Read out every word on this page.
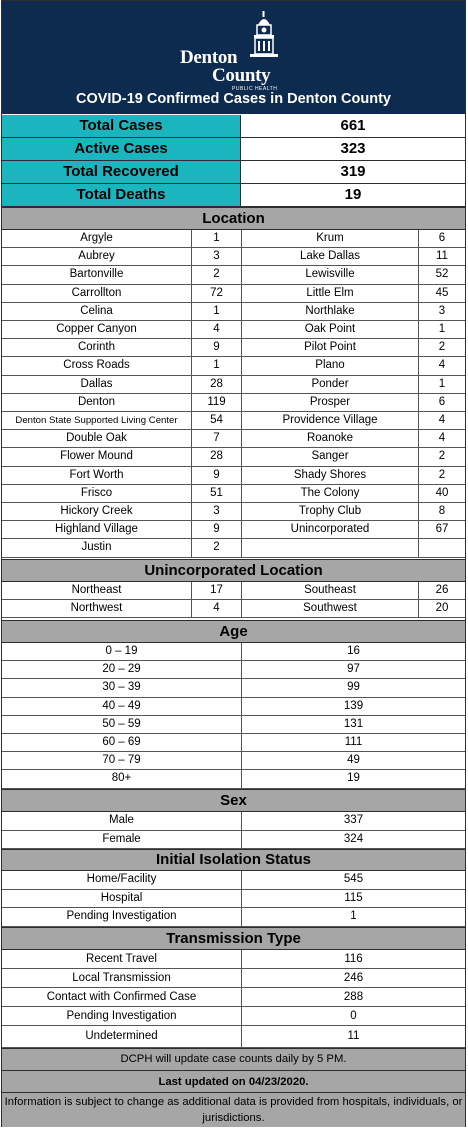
Denton
County
PUBLIC HEALTH
COVID-19 Confirmed Cases in Denton County
Total Cases	661
Active Cases	323
Total Recovered	319
Total Deaths	19
Location
Argyle	1	Krum	6
Aubrey	3	Lake Dallas	11
Bartonville	2	Lewisville	52
Carrollton	72	Little Elm	45
Celina	1	Northlake	3
Copper Canyon	4	Oak Point	1
Corinth	9	Pilot Point	2
Cross Roads	1	Plano	4
Dallas	28	Ponder	1
Denton	119	Prosper	6
Denton State Supported Living Center	54	Providence Village	4
Double Oak	7	Roanoke	4
Flower Mound	28	Sanger	2
Fort Worth	9	Shady Shores	2
Frisco	51	The Colony	40
Hickory Creek	3	Trophy Club	8
Highland Village	9	Unincorporated	67
Justin	2
Unincorporated Location
Northeast	17	Southeast	26
Northwest	4	Southwest	20
Age
0 – 19	16
20 – 29	97
30 – 39	99
40 – 49	139
50 – 59	131
60 – 69	111
70 – 79	49
80+	19
Sex
Male	337
Female	324
Initial Isolation Status
Home/Facility	545
Hospital	115
Pending Investigation	1
Transmission Type
Recent Travel	116
Local Transmission	246
Contact with Confirmed Case	288
Pending Investigation	0
Undetermined	11
DCPH will update case counts daily by 5 PM.
Last updated on 04/23/2020.
Information is subject to change as additional data is provided from hospitals, individuals, or jurisdictions.
